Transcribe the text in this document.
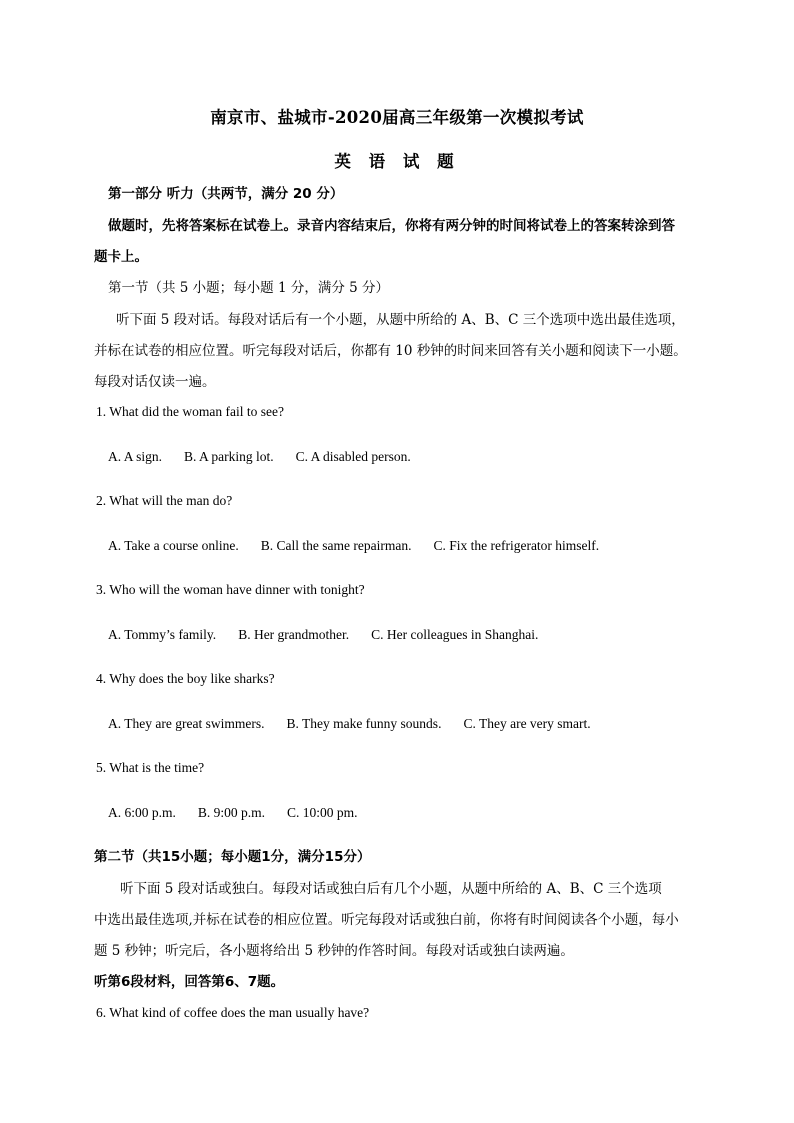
南京市、盐城市-2020届高三年级第一次模拟考试
英 语 试 题
第一部分 听力（共两节，满分 20 分）
做题时，先将答案标在试卷上。录音内容结束后，你将有两分钟的时间将试卷上的答案转涂到答
题卡上。
第一节（共 5 小题；每小题 1 分，满分 5 分）
听下面 5 段对话。每段对话后有一个小题，从题中所给的 A、B、C 三个选项中选出最佳选项，
并标在试卷的相应位置。听完每段对话后，你都有 10 秒钟的时间来回答有关小题和阅读下一小题。
每段对话仅读一遍。
1. What did the woman fail to see?
A. A sign. B. A parking lot. C. A disabled person.
2. What will the man do?
A. Take a course online. B. Call the same repairman. C. Fix the refrigerator himself.
3. Who will the woman have dinner with tonight?
A. Tommy’s family. B. Her grandmother. C. Her colleagues in Shanghai.
4. Why does the boy like sharks?
A. They are great swimmers. B. They make funny sounds. C. They are very smart.
5. What is the time?
A. 6:00 p.m. B. 9:00 p.m. C. 10:00 pm.
第二节（共15小题；每小题1分，满分15分）
听下面 5 段对话或独白。每段对话或独白后有几个小题，从题中所给的 A、B、C 三个选项
中选出最佳选项,并标在试卷的相应位置。听完每段对话或独白前，你将有时间阅读各个小题，每小
题 5 秒钟；听完后，各小题将给出 5 秒钟的作答时间。每段对话或独白读两遍。
听第6段材料，回答第6、7题。
6. What kind of coffee does the man usually have?
